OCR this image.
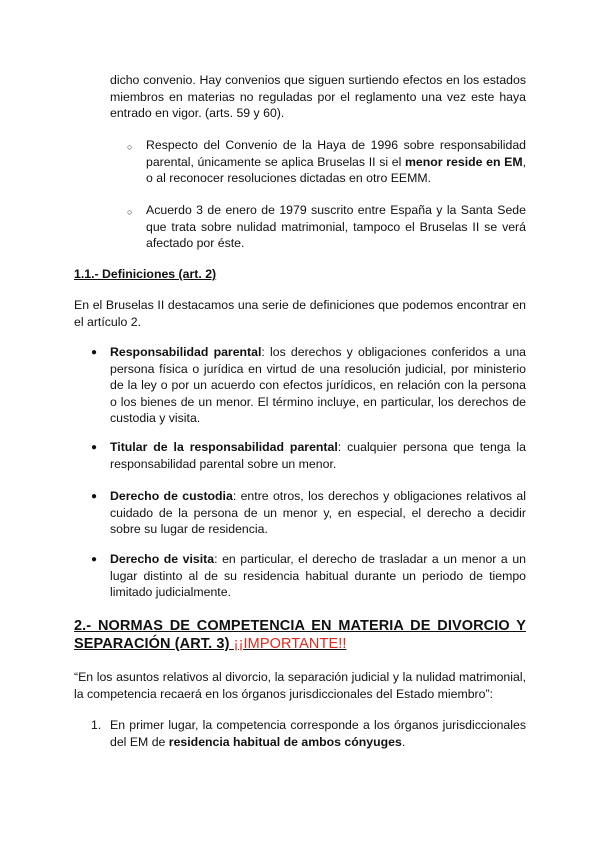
dicho convenio. Hay convenios que siguen surtiendo efectos en los estados miembros en materias no reguladas por el reglamento una vez este haya entrado en vigor. (arts. 59 y 60).
○ Respecto del Convenio de la Haya de 1996 sobre responsabilidad parental, únicamente se aplica Bruselas II si el menor reside en EM, o al reconocer resoluciones dictadas en otro EEMM.
○ Acuerdo 3 de enero de 1979 suscrito entre España y la Santa Sede que trata sobre nulidad matrimonial, tampoco el Bruselas II se verá afectado por éste.
1.1.- Definiciones (art. 2)
En el Bruselas II destacamos una serie de definiciones que podemos encontrar en el artículo 2.
● Responsabilidad parental: los derechos y obligaciones conferidos a una persona física o jurídica en virtud de una resolución judicial, por ministerio de la ley o por un acuerdo con efectos jurídicos, en relación con la persona o los bienes de un menor. El término incluye, en particular, los derechos de custodia y visita.
● Titular de la responsabilidad parental: cualquier persona que tenga la responsabilidad parental sobre un menor.
● Derecho de custodia: entre otros, los derechos y obligaciones relativos al cuidado de la persona de un menor y, en especial, el derecho a decidir sobre su lugar de residencia.
● Derecho de visita: en particular, el derecho de trasladar a un menor a un lugar distinto al de su residencia habitual durante un periodo de tiempo limitado judicialmente.
2.- NORMAS DE COMPETENCIA EN MATERIA DE DIVORCIO Y SEPARACIÓN (ART. 3) ¡¡IMPORTANTE!!
“En los asuntos relativos al divorcio, la separación judicial y la nulidad matrimonial, la competencia recaerá en los órganos jurisdiccionales del Estado miembro”:
1. En primer lugar, la competencia corresponde a los órganos jurisdiccionales del EM de residencia habitual de ambos cónyuges.
